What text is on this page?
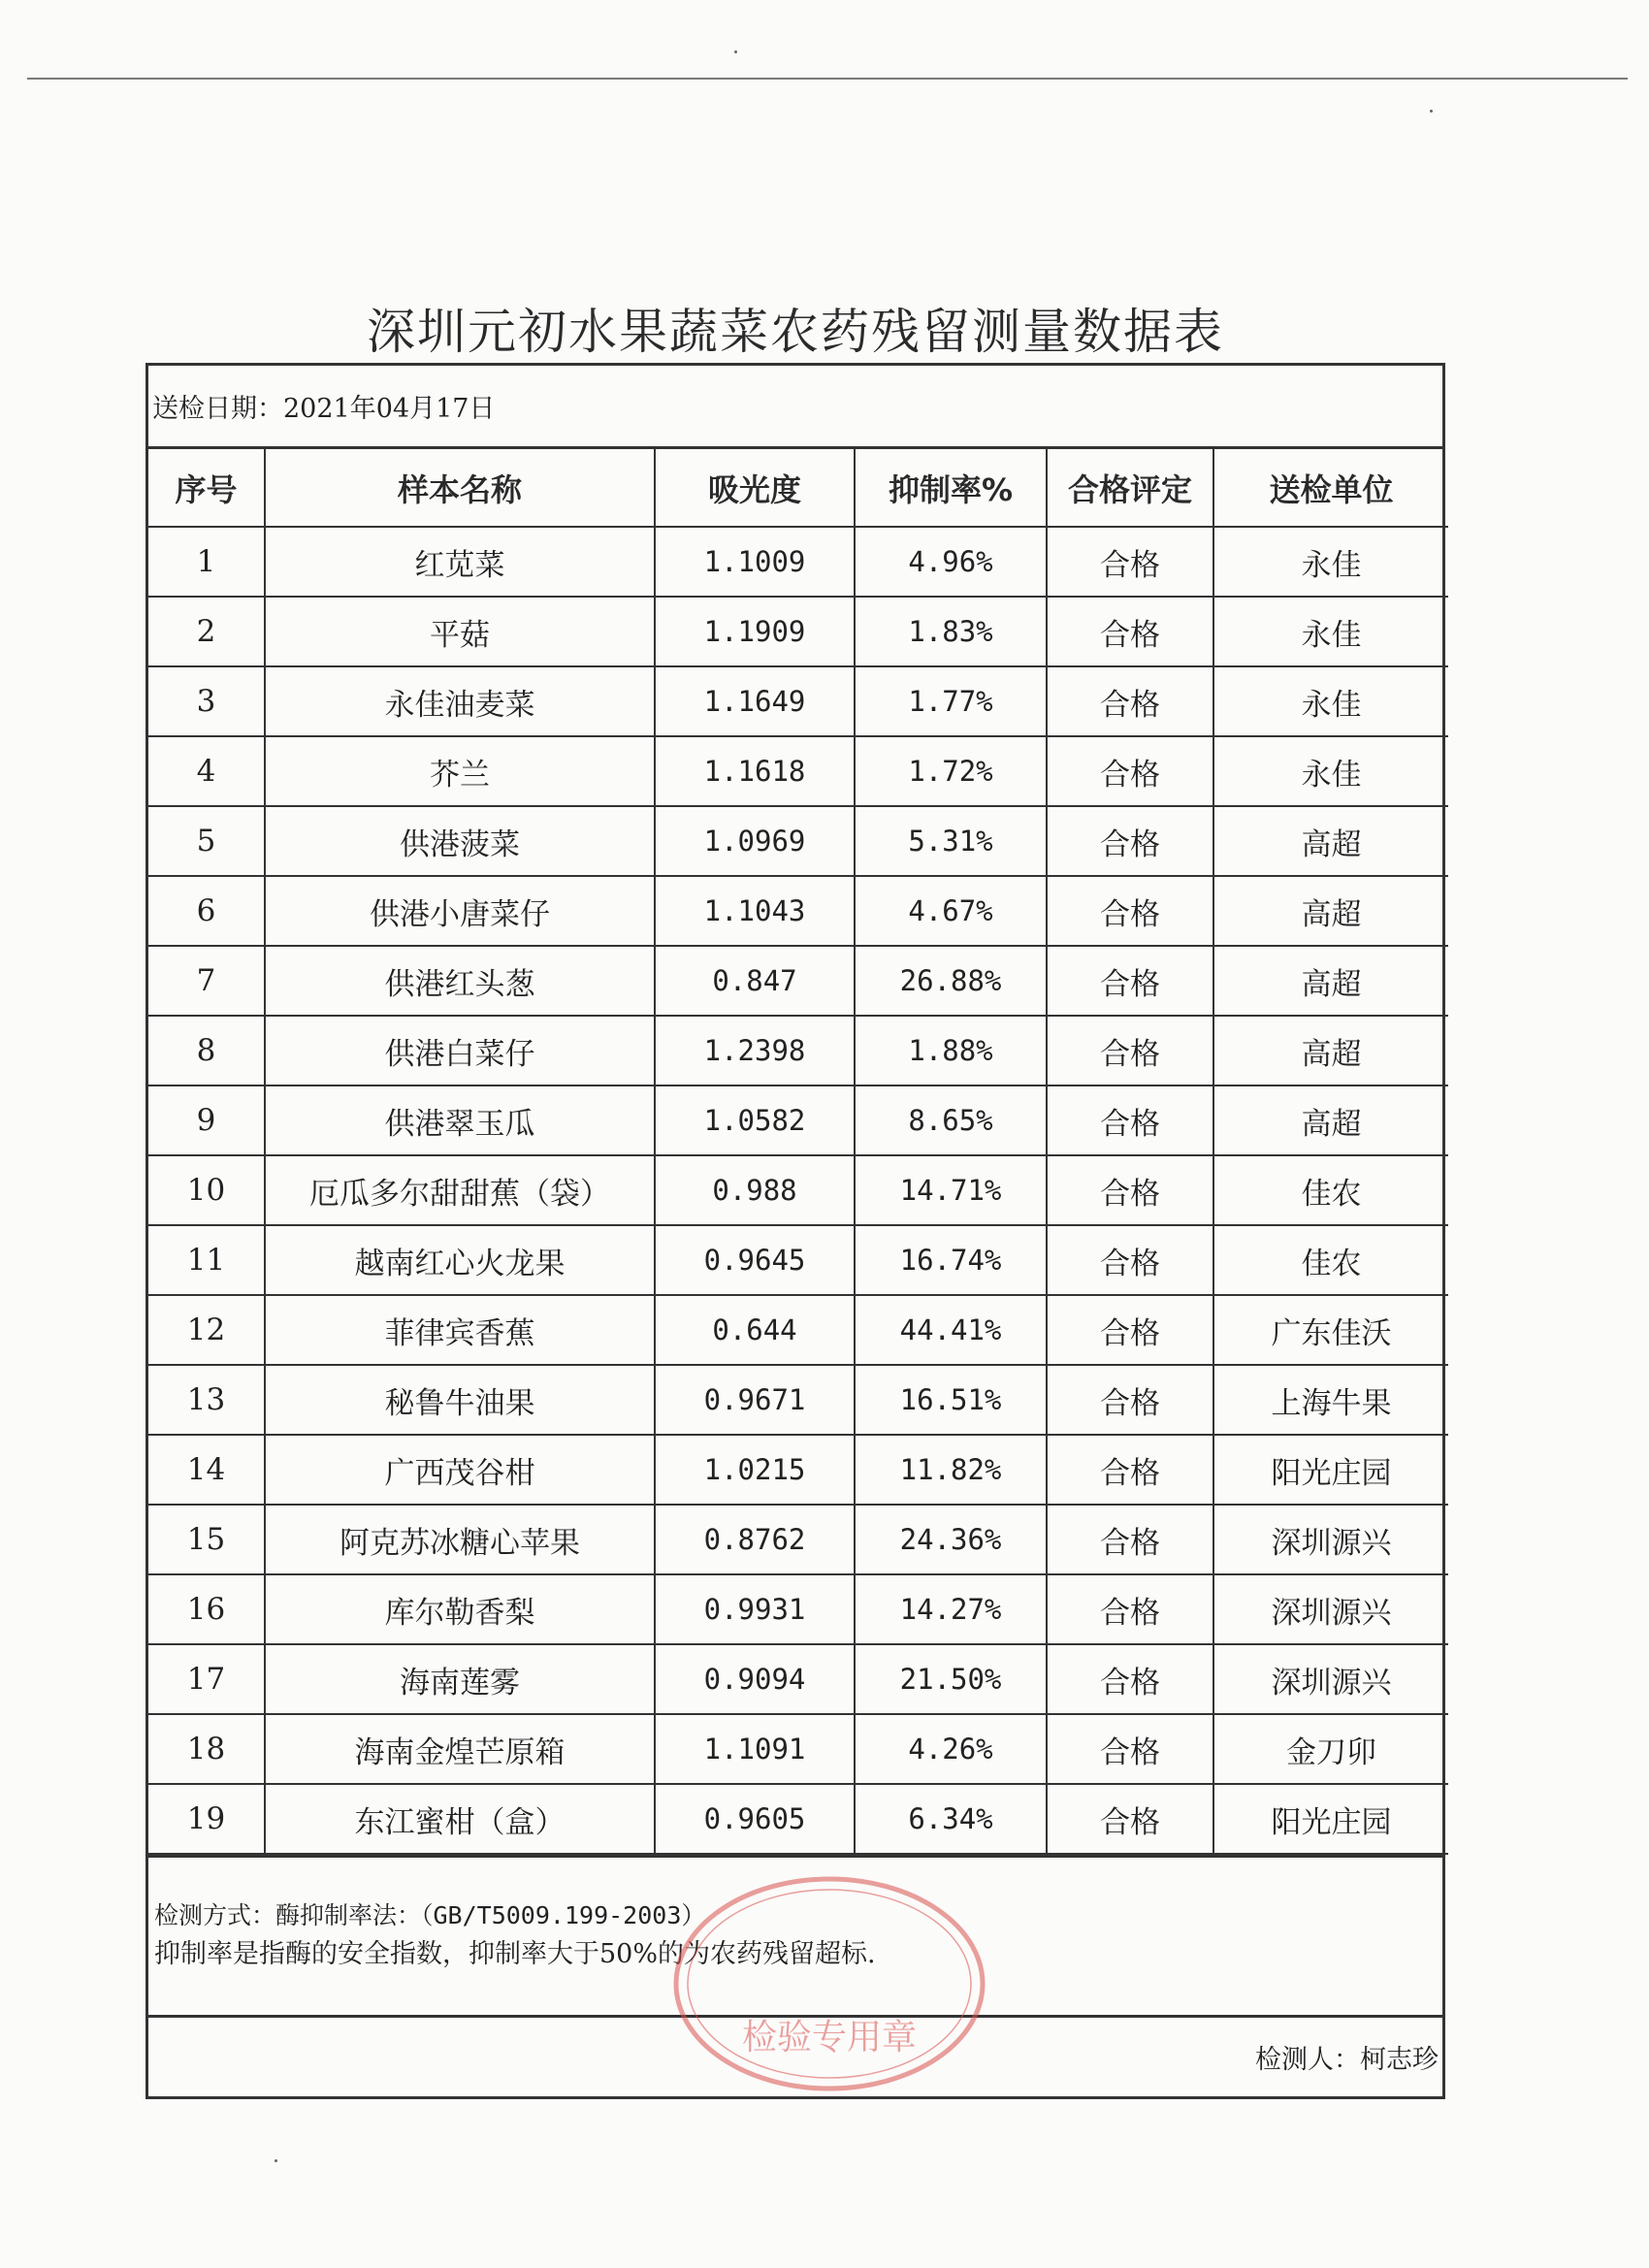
深圳元初水果蔬菜农药残留测量数据表
送检日期：2021年04月17日
序号	样本名称	吸光度	抑制率%	合格评定	送检单位
1	红苋菜	1.1009	4.96%	合格	永佳
2	平菇	1.1909	1.83%	合格	永佳
3	永佳油麦菜	1.1649	1.77%	合格	永佳
4	芥兰	1.1618	1.72%	合格	永佳
5	供港菠菜	1.0969	5.31%	合格	高超
6	供港小唐菜仔	1.1043	4.67%	合格	高超
7	供港红头葱	0.847	26.88%	合格	高超
8	供港白菜仔	1.2398	1.88%	合格	高超
9	供港翠玉瓜	1.0582	8.65%	合格	高超
10	厄瓜多尔甜甜蕉（袋）	0.988	14.71%	合格	佳农
11	越南红心火龙果	0.9645	16.74%	合格	佳农
12	菲律宾香蕉	0.644	44.41%	合格	广东佳沃
13	秘鲁牛油果	0.9671	16.51%	合格	上海牛果
14	广西茂谷柑	1.0215	11.82%	合格	阳光庄园
15	阿克苏冰糖心苹果	0.8762	24.36%	合格	深圳源兴
16	库尔勒香梨	0.9931	14.27%	合格	深圳源兴
17	海南莲雾	0.9094	21.50%	合格	深圳源兴
18	海南金煌芒原箱	1.1091	4.26%	合格	金刀卯
19	东江蜜柑（盒）	0.9605	6.34%	合格	阳光庄园
检测方式：酶抑制率法：（GB/T5009.199-2003）
抑制率是指酶的安全指数，抑制率大于50%的为农药残留超标.
检测人：柯志珍
检验专用章
